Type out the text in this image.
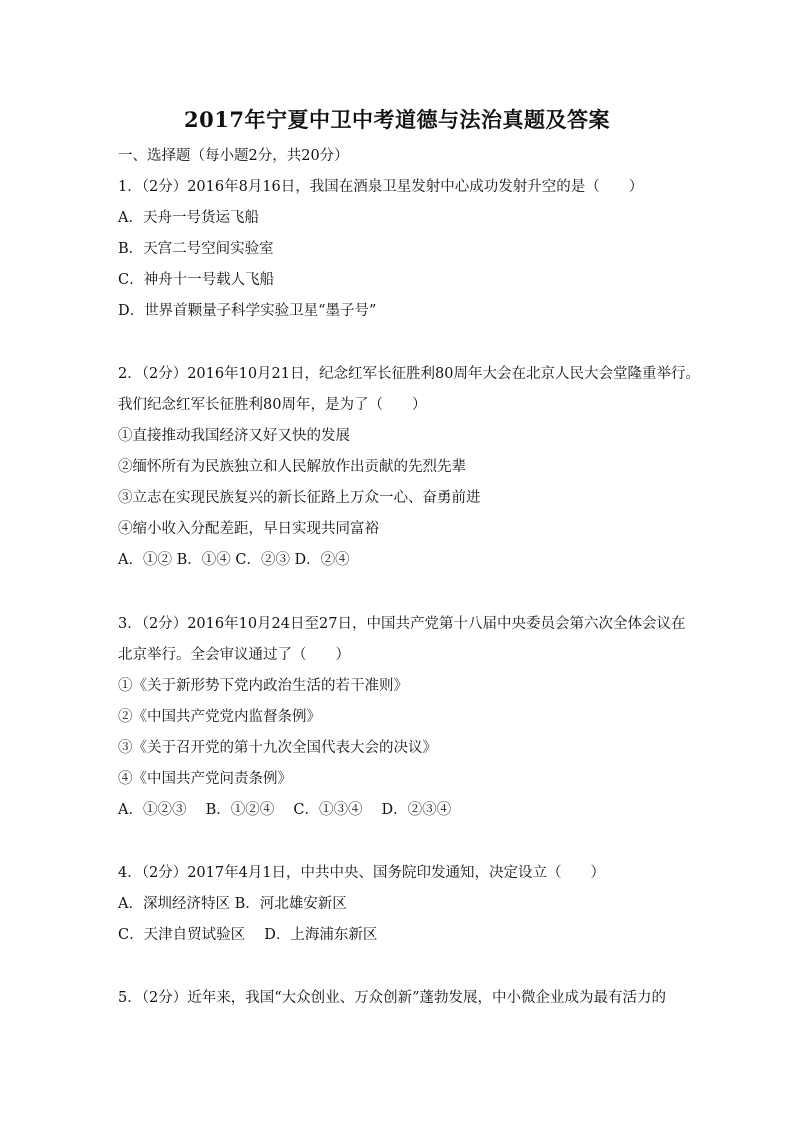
2017年宁夏中卫中考道德与法治真题及答案
一、选择题（每小题2分，共20分）
1．（2分）2016年8月16日，我国在酒泉卫星发射中心成功发射升空的是（　　）
A．天舟一号货运飞船
B．天宫二号空间实验室
C．神舟十一号载人飞船
D．世界首颗量子科学实验卫星“墨子号”
2．（2分）2016年10月21日，纪念红军长征胜利80周年大会在北京人民大会堂隆重举行。
我们纪念红军长征胜利80周年，是为了（　　）
①直接推动我国经济又好又快的发展
②缅怀所有为民族独立和人民解放作出贡献的先烈先辈
③立志在实现民族复兴的新长征路上万众一心、奋勇前进
④缩小收入分配差距，早日实现共同富裕
A．①② B．①④ C．②③ D．②④
3．（2分）2016年10月24日至27日，中国共产党第十八届中央委员会第六次全体会议在
北京举行。全会审议通过了（　　）
①《关于新形势下党内政治生活的若干准则》
②《中国共产党党内监督条例》
③《关于召开党的第十九次全国代表大会的决议》
④《中国共产党问责条例》
A．①②③　 B．①②④　 C．①③④　 D．②③④
4．（2分）2017年4月1日，中共中央、国务院印发通知，决定设立（　　）
A．深圳经济特区 B．河北雄安新区
C．天津自贸试验区　 D．上海浦东新区
5．（2分）近年来，我国“大众创业、万众创新”蓬勃发展，中小微企业成为最有活力的
